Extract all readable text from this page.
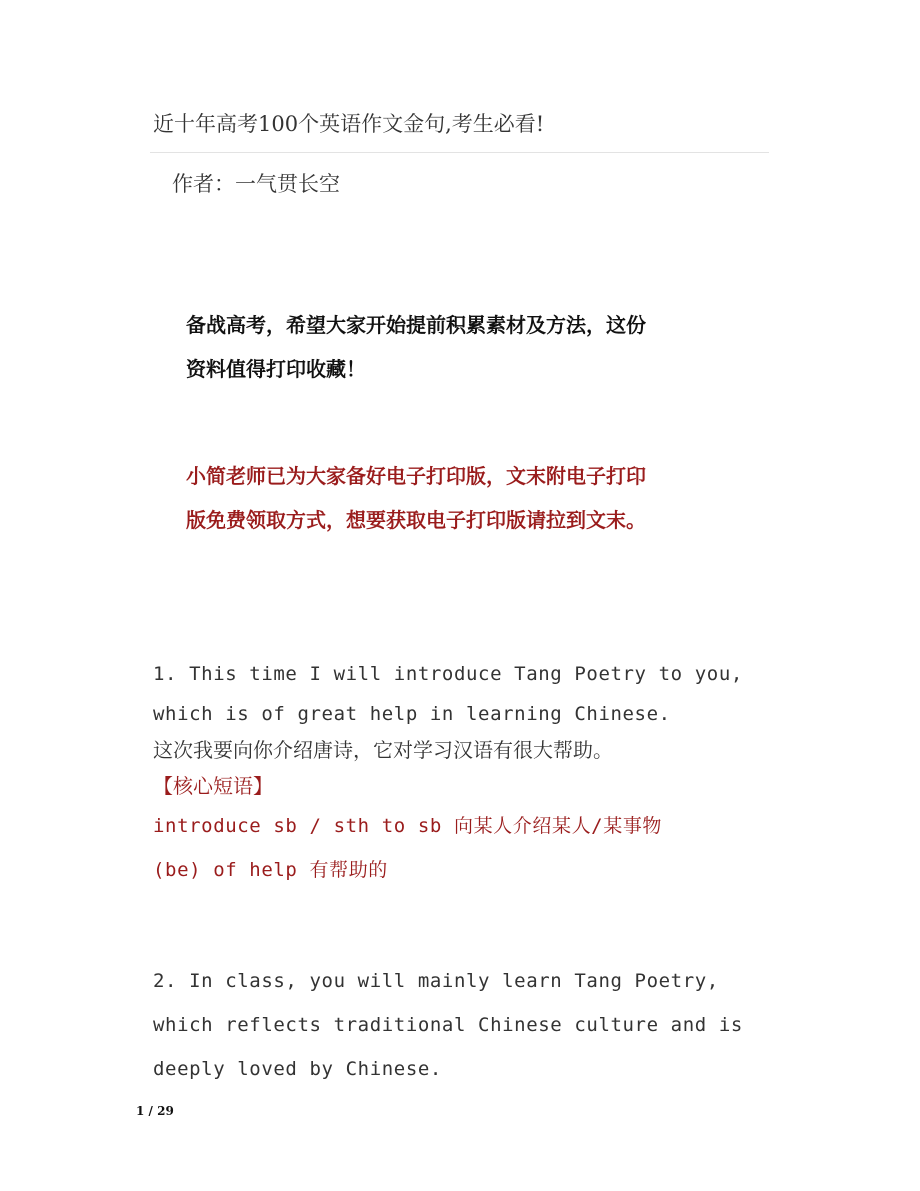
近十年高考100个英语作文金句,考生必看!
作者：一气贯长空

备战高考，希望大家开始提前积累素材及方法，这份

资料值得打印收藏！

小简老师已为大家备好电子打印版，文末附电子打印

版免费领取方式，想要获取电子打印版请拉到文末。

1. This time I will introduce Tang Poetry to you,

which is of great help in learning Chinese.

这次我要向你介绍唐诗，它对学习汉语有很大帮助。

【核心短语】

introduce sb / sth to sb 向某人介绍某人/某事物

(be) of help 有帮助的

2. In class, you will mainly learn Tang Poetry,

which reflects traditional Chinese culture and is

deeply loved by Chinese.

1 / 29
